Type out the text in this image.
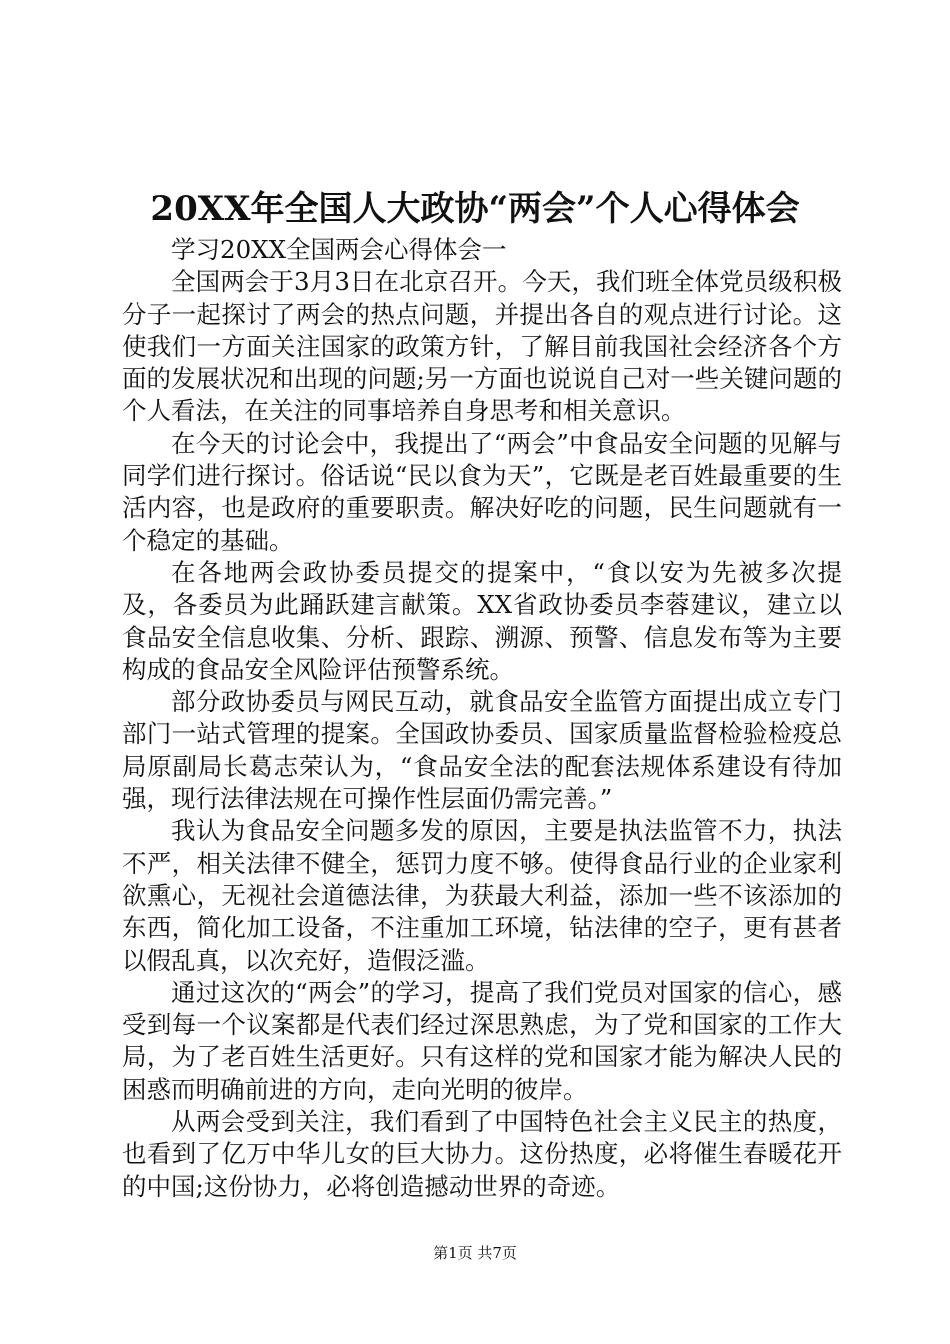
20XX年全国人大政协“两会”个人心得体会

学习20XX全国两会心得体会一

全国两会于3月3日在北京召开。今天，我们班全体党员级积极分子一起探讨了两会的热点问题，并提出各自的观点进行讨论。这使我们一方面关注国家的政策方针，了解目前我国社会经济各个方面的发展状况和出现的问题;另一方面也说说自己对一些关键问题的个人看法，在关注的同事培养自身思考和相关意识。

在今天的讨论会中，我提出了“两会”中食品安全问题的见解与同学们进行探讨。俗话说“民以食为天”，它既是老百姓最重要的生活内容，也是政府的重要职责。解决好吃的问题，民生问题就有一个稳定的基础。

在各地两会政协委员提交的提案中，“食以安为先被多次提及，各委员为此踊跃建言献策。XX省政协委员李蓉建议，建立以食品安全信息收集、分析、跟踪、溯源、预警、信息发布等为主要构成的食品安全风险评估预警系统。

部分政协委员与网民互动，就食品安全监管方面提出成立专门部门一站式管理的提案。全国政协委员、国家质量监督检验检疫总局原副局长葛志荣认为，“食品安全法的配套法规体系建设有待加强，现行法律法规在可操作性层面仍需完善。”

我认为食品安全问题多发的原因，主要是执法监管不力，执法不严，相关法律不健全，惩罚力度不够。使得食品行业的企业家利欲熏心，无视社会道德法律，为获最大利益，添加一些不该添加的东西，简化加工设备，不注重加工环境，钻法律的空子，更有甚者以假乱真，以次充好，造假泛滥。

通过这次的“两会”的学习，提高了我们党员对国家的信心，感受到每一个议案都是代表们经过深思熟虑，为了党和国家的工作大局，为了老百姓生活更好。只有这样的党和国家才能为解决人民的困惑而明确前进的方向，走向光明的彼岸。

从两会受到关注，我们看到了中国特色社会主义民主的热度，也看到了亿万中华儿女的巨大协力。这份热度，必将催生春暖花开的中国;这份协力，必将创造撼动世界的奇迹。

第1页 共7页
